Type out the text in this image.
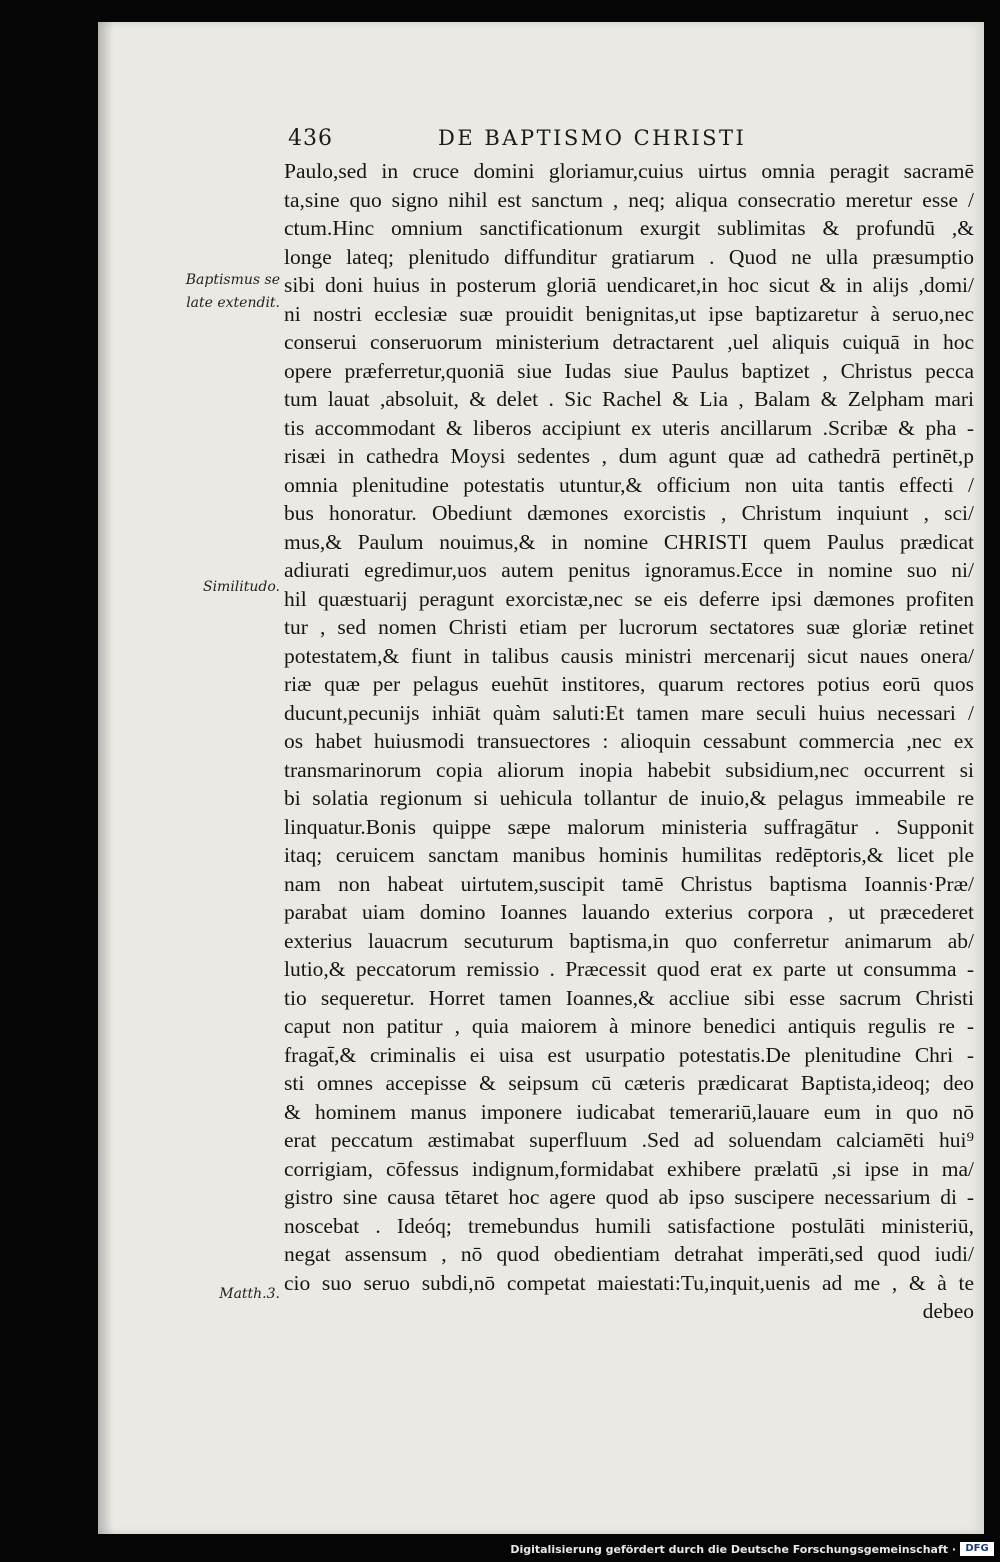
436	DE BAPTISMO CHRISTI
Baptismus se
late extendit.
Similitudo.
Matth.3.
Paulo,sed in cruce domini gloriamur,cuius uirtus omnia peragit sacramē
ta,sine quo signo nihil est sanctum , neq; aliqua consecratio meretur esse /
ctum.Hinc omnium sanctificationum exurgit sublimitas & profundū ,&
longe lateq; plenitudo diffunditur gratiarum . Quod ne ulla præsumptio
sibi doni huius in posterum gloriā uendicaret,in hoc sicut & in alijs ,domi/
ni nostri ecclesiæ suæ prouidit benignitas,ut ipse baptizaretur à seruo,nec
conserui conseruorum ministerium detractarent ,uel aliquis cuiquā in hoc
opere præferretur,quoniā siue Iudas siue Paulus baptizet , Christus pecca
tum lauat ,absoluit, & delet . Sic Rachel & Lia , Balam & Zelpham mari
tis accommodant & liberos accipiunt ex uteris ancillarum .Scribæ & pha -
risæi in cathedra Moysi sedentes , dum agunt quæ ad cathedrā pertinēt,p
omnia plenitudine potestatis utuntur,& officium non uita tantis effecti /
bus honoratur. Obediunt dæmones exorcistis , Christum inquiunt , sci/
mus,& Paulum nouimus,& in nomine CHRISTI quem Paulus prædicat
adiurati egredimur,uos autem penitus ignoramus.Ecce in nomine suo ni/
hil quæstuarij peragunt exorcistæ,nec se eis deferre ipsi dæmones profiten
tur , sed nomen Christi etiam per lucrorum sectatores suæ gloriæ retinet
potestatem,& fiunt in talibus causis ministri mercenarij sicut naues onera/
riæ quæ per pelagus euehūt institores, quarum rectores potius eorū quos
ducunt,pecunijs inhiāt quàm saluti:Et tamen mare seculi huius necessari /
os habet huiusmodi transuectores : alioquin cessabunt commercia ,nec ex
transmarinorum copia aliorum inopia habebit subsidium,nec occurrent si
bi solatia regionum si uehicula tollantur de inuio,& pelagus immeabile re
linquatur.Bonis quippe sæpe malorum ministeria suffragātur . Supponit
itaq; ceruicem sanctam manibus hominis humilitas redēptoris,& licet ple
nam non habeat uirtutem,suscipit tamē Christus baptisma Ioannis·Præ/
parabat uiam domino Ioannes lauando exterius corpora , ut præcederet
exterius lauacrum secuturum baptisma,in quo conferretur animarum ab/
lutio,& peccatorum remissio . Præcessit quod erat ex parte ut consumma -
tio sequeretur. Horret tamen Ioannes,& accliue sibi esse sacrum Christi
caput non patitur , quia maiorem à minore benedici antiquis regulis re -
fragat̄,& criminalis ei uisa est usurpatio potestatis.De plenitudine Chri -
sti omnes accepisse & seipsum cū cæteris prædicarat Baptista,ideoq; deo
& hominem manus imponere iudicabat temerariū,lauare eum in quo nō
erat peccatum æstimabat superfluum .Sed ad soluendam calciamēti hui⁹
corrigiam, cōfessus indignum,formidabat exhibere prælatū ,si ipse in ma/
gistro sine causa tētaret hoc agere quod ab ipso suscipere necessarium di -
noscebat . Ideóq; tremebundus humili satisfactione postulāti ministeriū,
negat assensum , nō quod obedientiam detrahat imperāti,sed quod iudi/
cio suo seruo subdi,nō competat maiestati:Tu,inquit,uenis ad me , & à te
debeo
Digitalisierung gefördert durch die Deutsche Forschungsgemeinschaft · DFG
